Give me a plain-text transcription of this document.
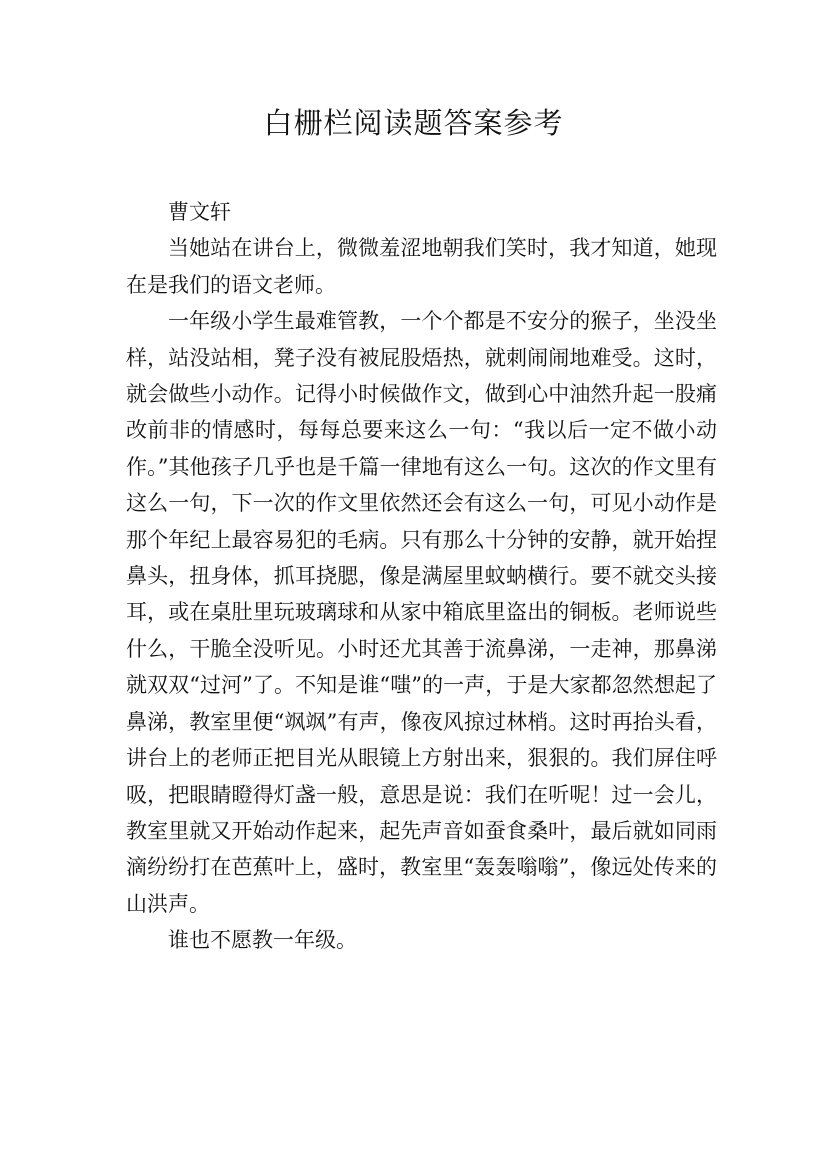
白栅栏阅读题答案参考

曹文轩

当她站在讲台上，微微羞涩地朝我们笑时，我才知道，她现在是我们的语文老师。

一年级小学生最难管教，一个个都是不安分的猴子，坐没坐样，站没站相，凳子没有被屁股焐热，就刺闹闹地难受。这时，就会做些小动作。记得小时候做作文，做到心中油然升起一股痛改前非的情感时，每每总要来这么一句：“我以后一定不做小动作。”其他孩子几乎也是千篇一律地有这么一句。这次的作文里有这么一句，下一次的作文里依然还会有这么一句，可见小动作是那个年纪上最容易犯的毛病。只有那么十分钟的安静，就开始捏鼻头，扭身体，抓耳挠腮，像是满屋里蚊蚋横行。要不就交头接耳，或在桌肚里玩玻璃球和从家中箱底里盗出的铜板。老师说些什么，干脆全没听见。小时还尤其善于流鼻涕，一走神，那鼻涕就双双“过河”了。不知是谁“嗤”的一声，于是大家都忽然想起了鼻涕，教室里便“飒飒”有声，像夜风掠过林梢。这时再抬头看，讲台上的老师正把目光从眼镜上方射出来，狠狠的。我们屏住呼吸，把眼睛瞪得灯盏一般，意思是说：我们在听呢！过一会儿，教室里就又开始动作起来，起先声音如蚕食桑叶，最后就如同雨滴纷纷打在芭蕉叶上，盛时，教室里“轰轰嗡嗡”，像远处传来的山洪声。

谁也不愿教一年级。
